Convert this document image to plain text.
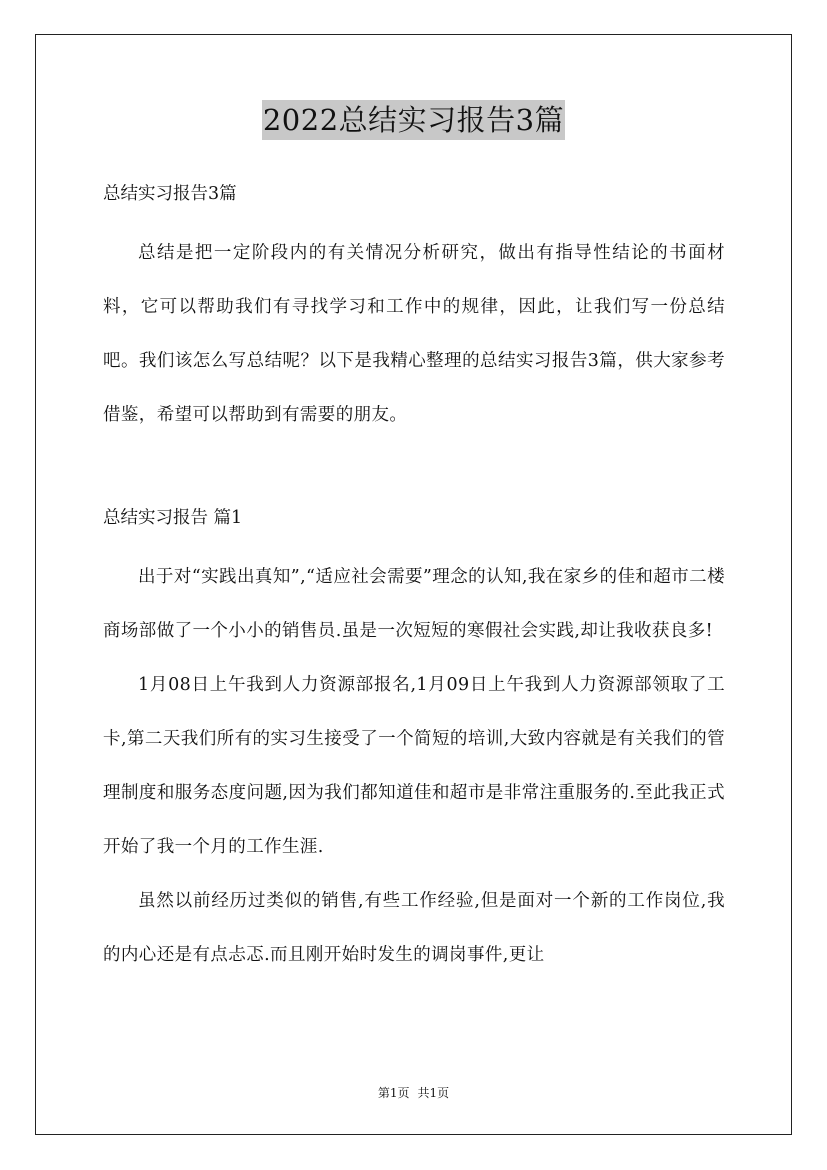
2022总结实习报告3篇
总结实习报告3篇

总结是把一定阶段内的有关情况分析研究，做出有指导性结论的书面材料，它可以帮助我们有寻找学习和工作中的规律，因此，让我们写一份总结吧。我们该怎么写总结呢？以下是我精心整理的总结实习报告3篇，供大家参考借鉴，希望可以帮助到有需要的朋友。

总结实习报告 篇1

出于对“实践出真知”,“适应社会需要”理念的认知,我在家乡的佳和超市二楼商场部做了一个小小的销售员.虽是一次短短的寒假社会实践,却让我收获良多!

1月08日上午我到人力资源部报名,1月09日上午我到人力资源部领取了工卡,第二天我们所有的实习生接受了一个简短的培训,大致内容就是有关我们的管理制度和服务态度问题,因为我们都知道佳和超市是非常注重服务的.至此我正式开始了我一个月的工作生涯.

虽然以前经历过类似的销售,有些工作经验,但是面对一个新的工作岗位,我的内心还是有点忐忑.而且刚开始时发生的调岗事件,更让

第1页 共1页
